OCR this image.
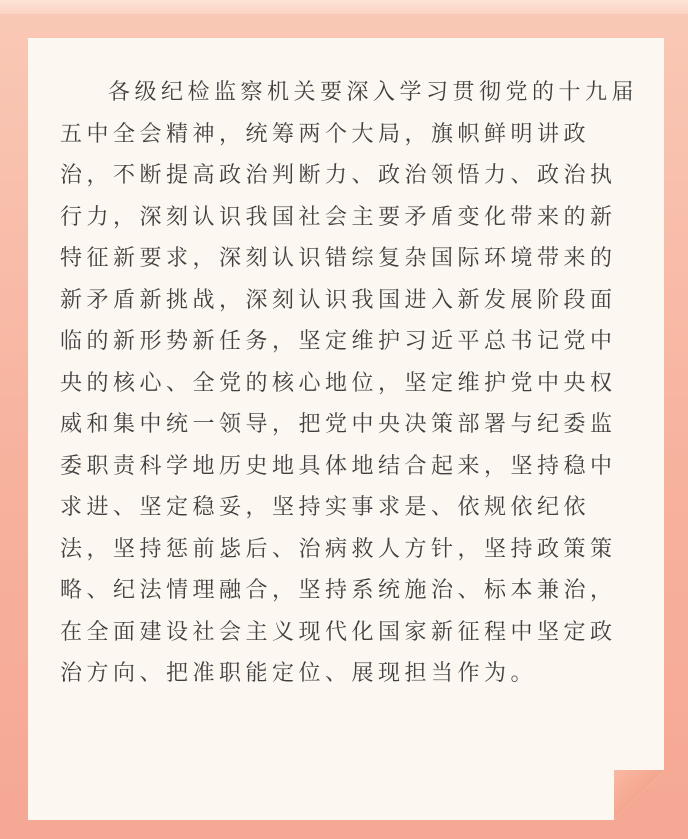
各级纪检监察机关要深入学习贯彻党的十九届五中全会精神，统筹两个大局，旗帜鲜明讲政治，不断提高政治判断力、政治领悟力、政治执行力，深刻认识我国社会主要矛盾变化带来的新特征新要求，深刻认识错综复杂国际环境带来的新矛盾新挑战，深刻认识我国进入新发展阶段面临的新形势新任务，坚定维护习近平总书记党中央的核心、全党的核心地位，坚定维护党中央权威和集中统一领导，把党中央决策部署与纪委监委职责科学地历史地具体地结合起来，坚持稳中求进、坚定稳妥，坚持实事求是、依规依纪依法，坚持惩前毖后、治病救人方针，坚持政策策略、纪法情理融合，坚持系统施治、标本兼治，在全面建设社会主义现代化国家新征程中坚定政治方向、把准职能定位、展现担当作为。
